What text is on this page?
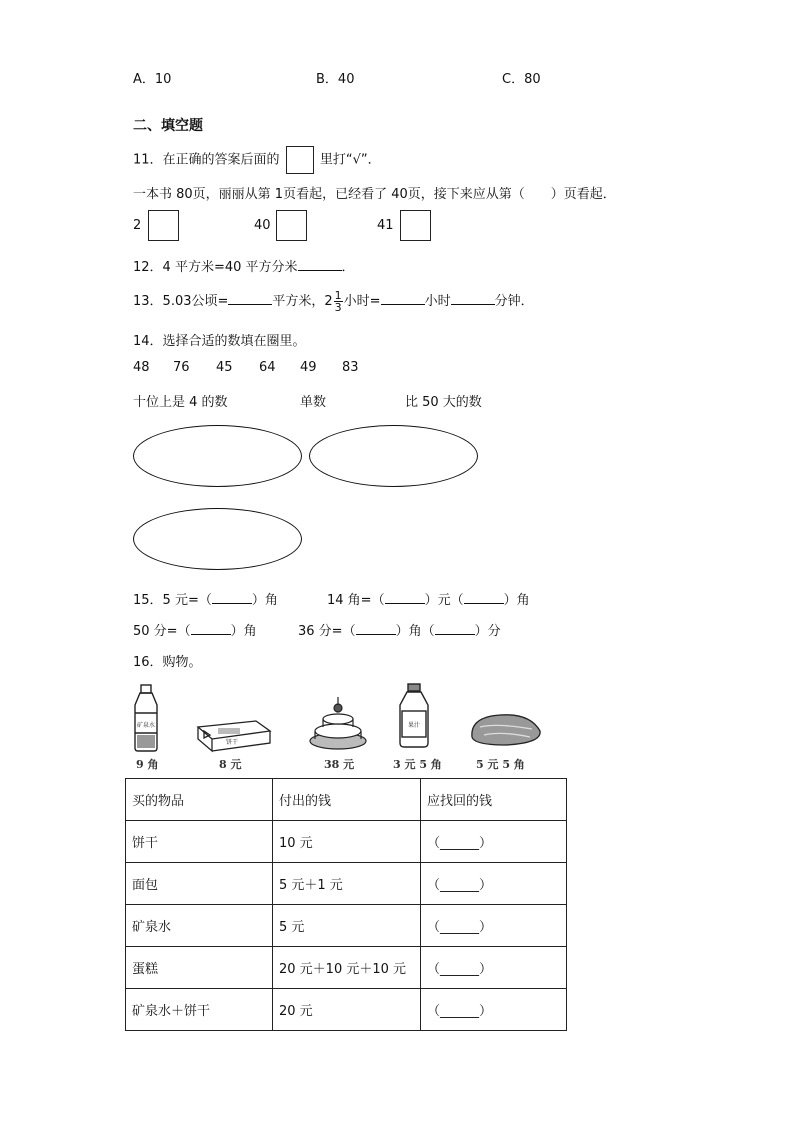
A．10	B．40	C．80
二、填空题
11．在正确的答案后面的	里打“√”．
一本书 80页，丽丽从第 1页看起，已经看了 40页，接下来应从第（　　）页看起．
2	40	41
12．4 平方米=40 平方分米	．
13．5.03公顷=	平方米，$2 \frac{1}{3}$ 小时=	小时	分钟．
14．选择合适的数填在圈里。
48 76 45 64 49 83
十位上是 4 的数	单数	比 50 大的数
15．5 元=（	）角	14 角=（	）元（	）角
50 分=（	）角	36 分=（	）角（	）分
16．购物。
矿泉水
饼干
果汁
9 角	8 元	38 元	3 元 5 角	5 元 5 角
买的物品	付出的钱	应找回的钱
饼干	10 元	（______）
面包	5 元＋1 元	（______）
矿泉水	5 元	（______）
蛋糕	20 元＋10 元＋10 元	（______）
矿泉水＋饼干	20 元	（______）
